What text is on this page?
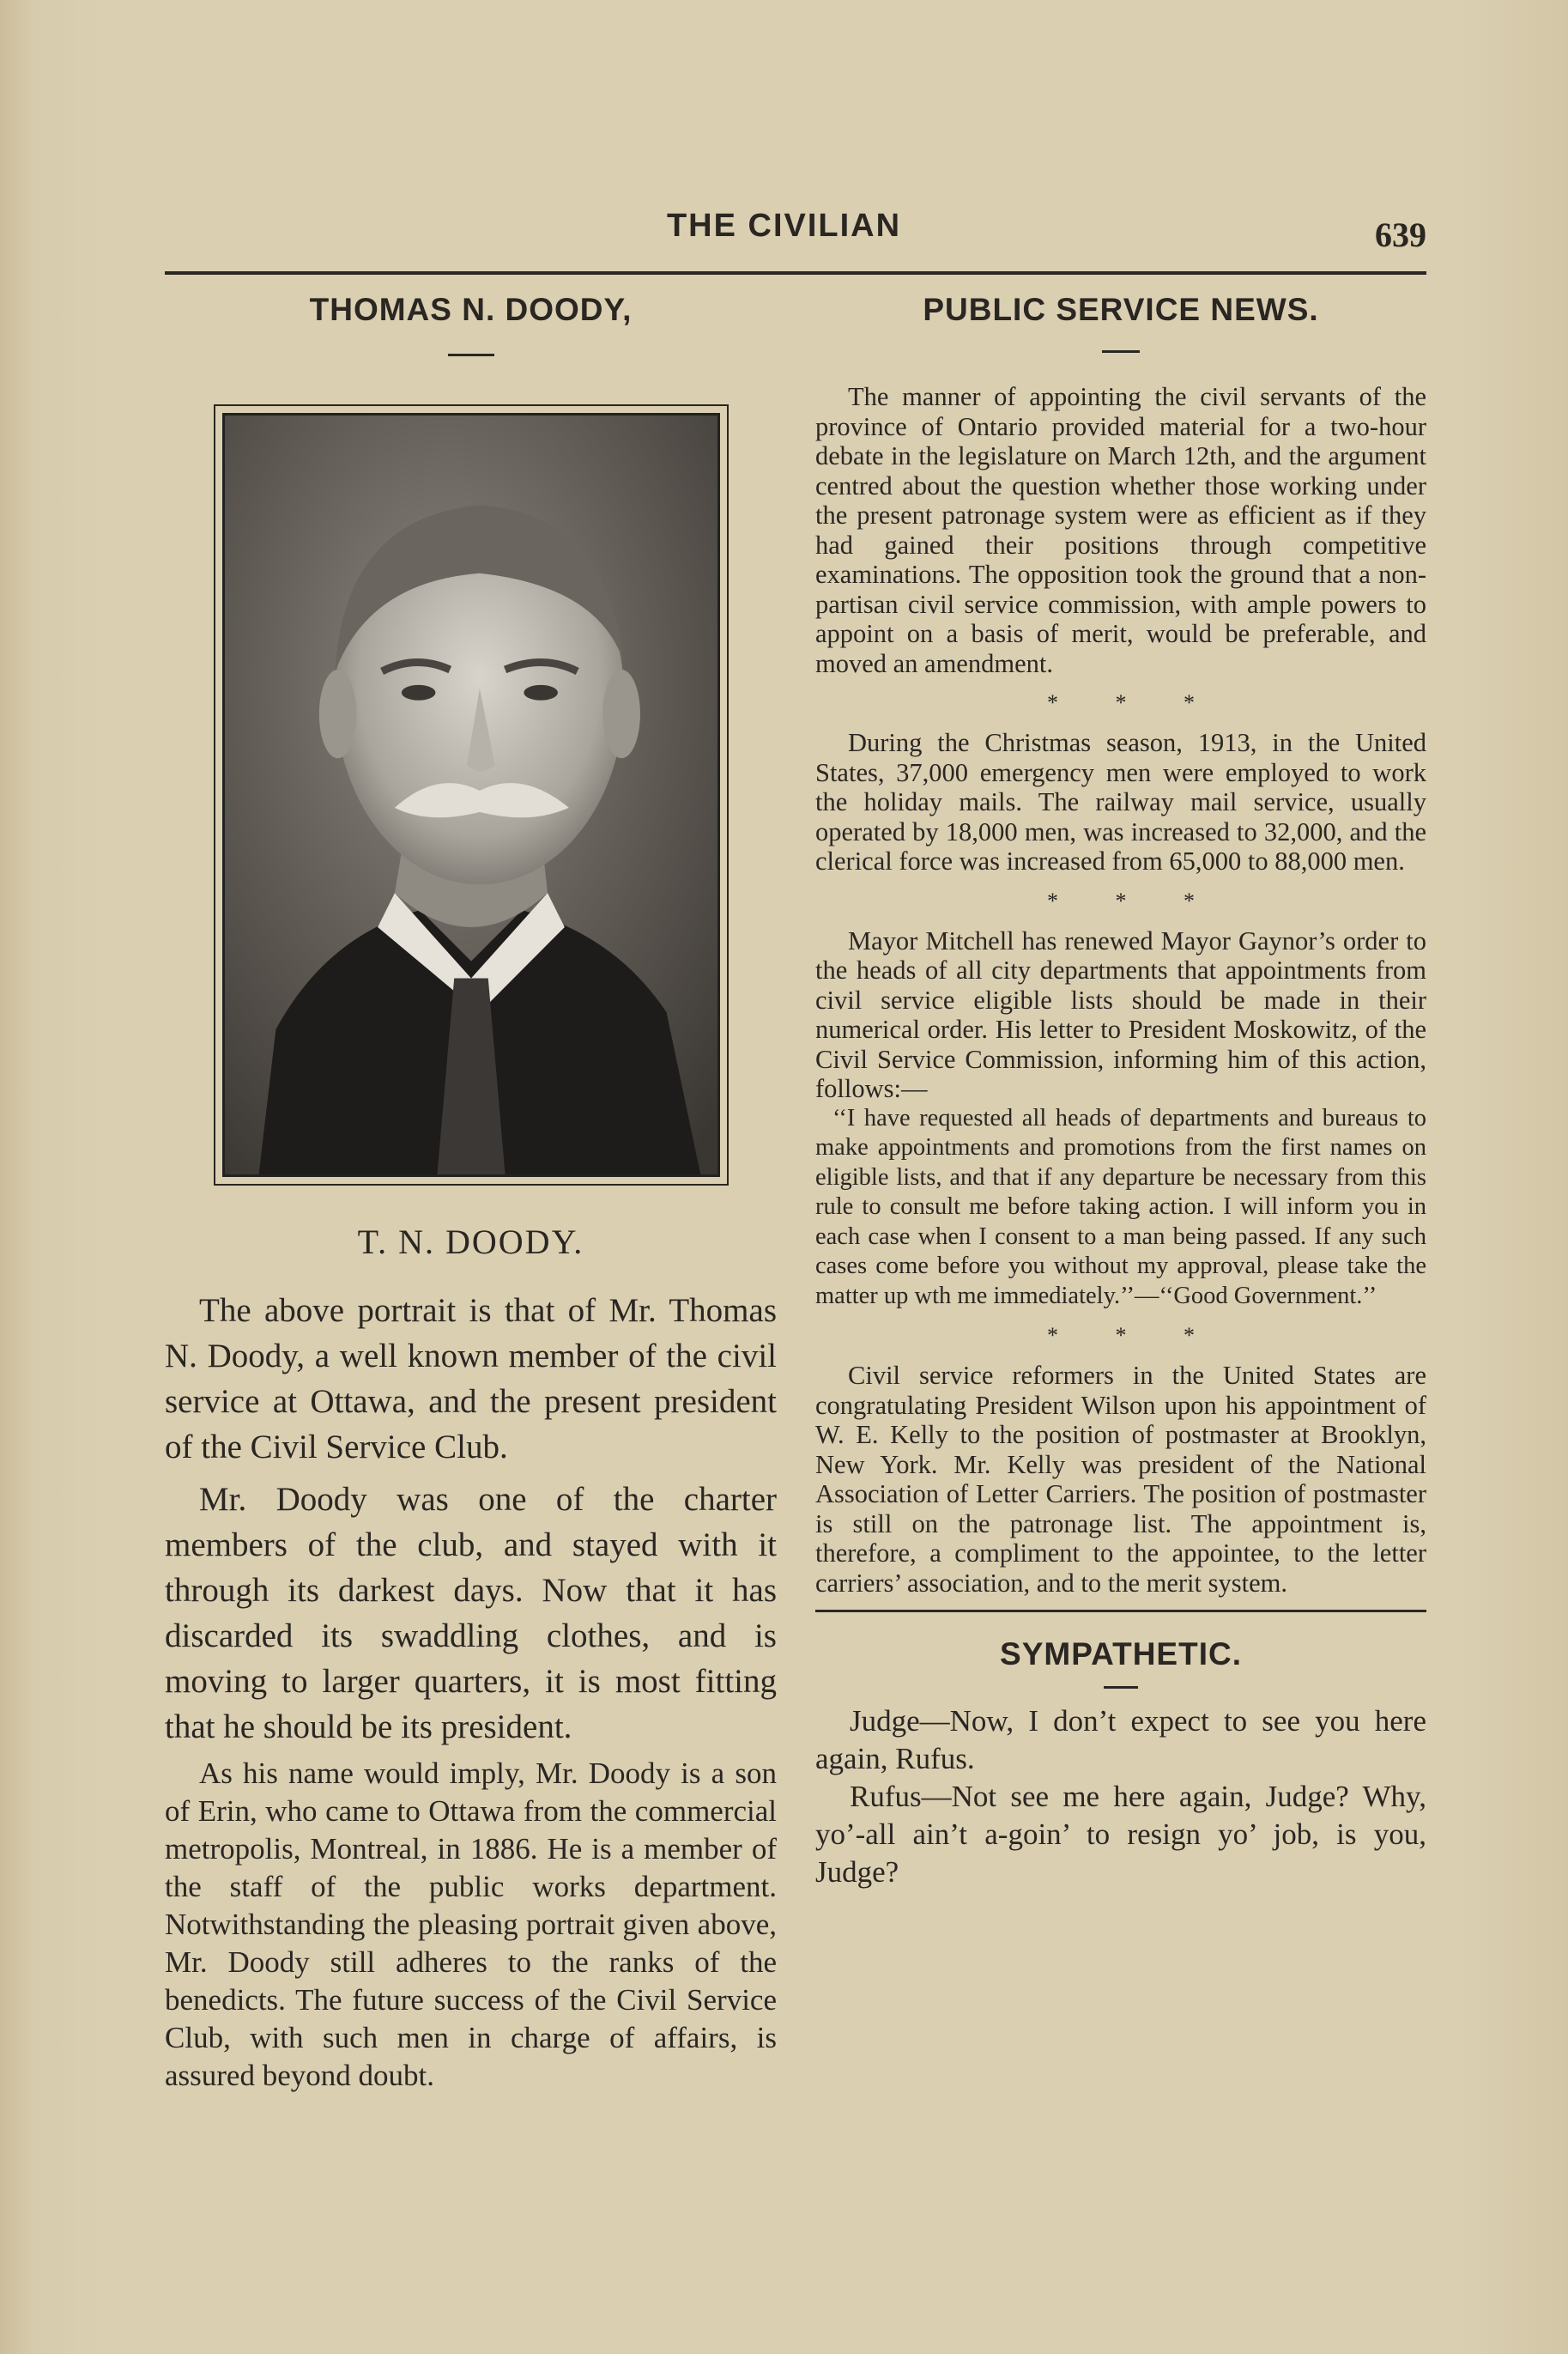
THE CIVILIAN	639
THOMAS N. DOODY,
T. N. DOODY.

The above portrait is that of Mr. Thomas N. Doody, a well known member of the civil service at Ottawa, and the present president of the Civil Service Club.

Mr. Doody was one of the charter members of the club, and stayed with it through its darkest days. Now that it has discarded its swaddling clothes, and is moving to larger quarters, it is most fitting that he should be its president.

As his name would imply, Mr. Doody is a son of Erin, who came to Ottawa from the commercial metropolis, Montreal, in 1886. He is a member of the staff of the public works department. Notwithstanding the pleasing portrait given above, Mr. Doody still adheres to the ranks of the benedicts. The future success of the Civil Service Club, with such men in charge of affairs, is assured beyond doubt.

PUBLIC SERVICE NEWS.

The manner of appointing the civil servants of the province of Ontario provided material for a two-hour debate in the legislature on March 12th, and the argument centred about the question whether those working under the present patronage system were as efficient as if they had gained their positions through competitive examinations. The opposition took the ground that a non-partisan civil service commission, with ample powers to appoint on a basis of merit, would be preferable, and moved an amendment.

* * *

During the Christmas season, 1913, in the United States, 37,000 emergency men were employed to work the holiday mails. The railway mail service, usually operated by 18,000 men, was increased to 32,000, and the clerical force was increased from 65,000 to 88,000 men.

* * *

Mayor Mitchell has renewed Mayor Gaynor’s order to the heads of all city departments that appointments from civil service eligible lists should be made in their numerical order. His letter to President Moskowitz, of the Civil Service Commission, informing him of this action, follows:—

‘‘I have requested all heads of departments and bureaus to make appointments and promotions from the first names on eligible lists, and that if any departure be necessary from this rule to consult me before taking action. I will inform you in each case when I consent to a man being passed. If any such cases come before you without my approval, please take the matter up wth me immediately.’’—‘‘Good Government.’’

* * *

Civil service reformers in the United States are congratulating President Wilson upon his appointment of W. E. Kelly to the position of postmaster at Brooklyn, New York. Mr. Kelly was president of the National Association of Letter Carriers. The position of postmaster is still on the patronage list. The appointment is, therefore, a compliment to the appointee, to the letter carriers’ association, and to the merit system.

SYMPATHETIC.

Judge—Now, I don’t expect to see you here again, Rufus.

Rufus—Not see me here again, Judge? Why, yo’-all ain’t a-goin’ to resign yo’ job, is you, Judge?
